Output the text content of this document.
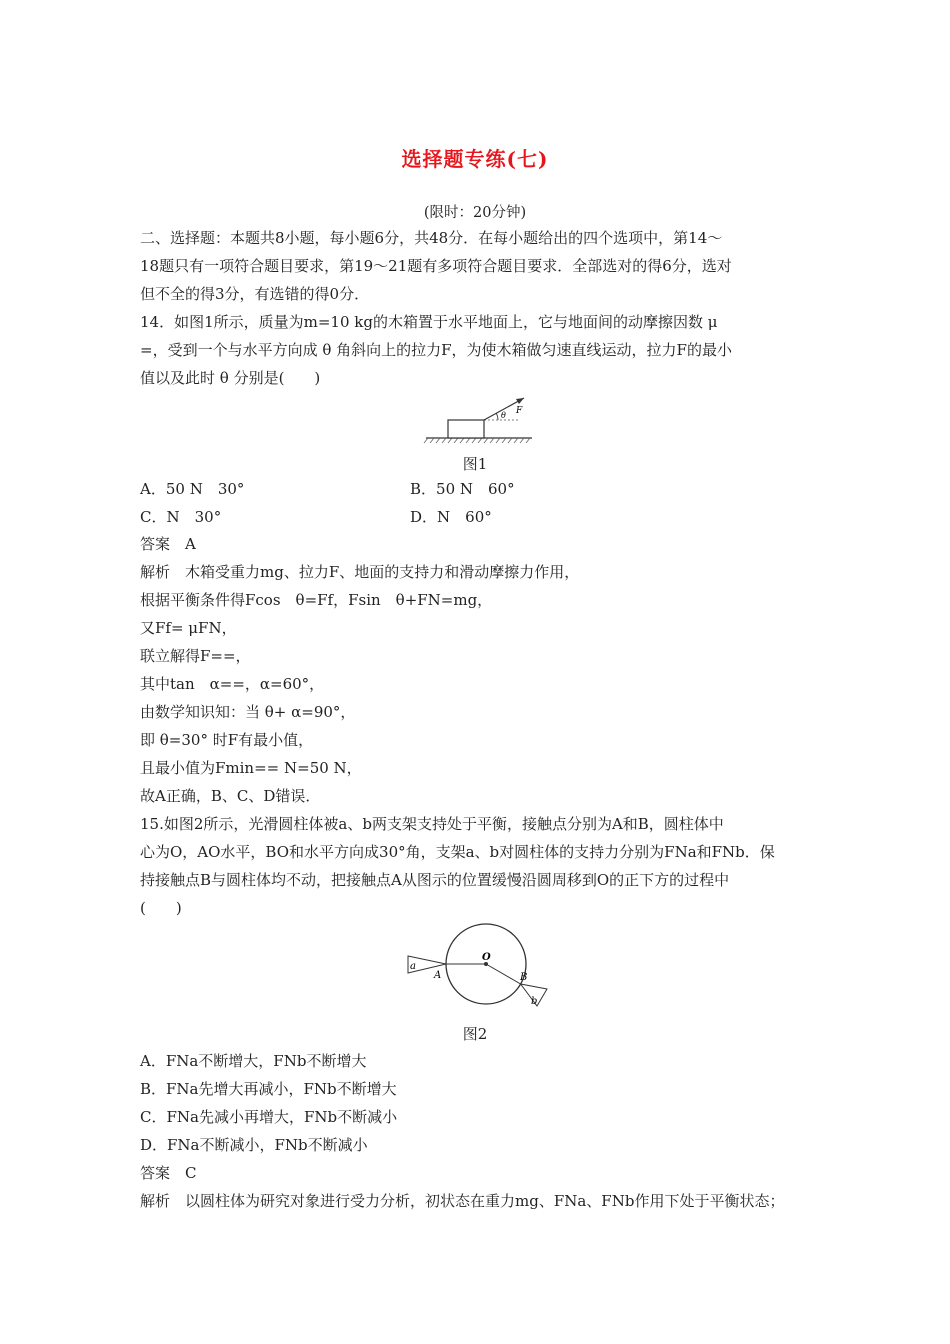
选择题专练(七)
(限时：20分钟)
二、选择题：本题共8小题，每小题6分，共48分．在每小题给出的四个选项中，第14～
18题只有一项符合题目要求，第19～21题有多项符合题目要求．全部选对的得6分，选对
但不全的得3分，有选错的得0分．
14．如图1所示，质量为m=10 kg的木箱置于水平地面上，它与地面间的动摩擦因数 μ
=，受到一个与水平方向成 θ 角斜向上的拉力F，为使木箱做匀速直线运动，拉力F的最小
值以及此时 θ 分别是(　　)
θ F
图1
A．50 N　30°	B．50 N　60°
C．N　30°	D．N　60°
答案　A
解析　木箱受重力mg、拉力F、地面的支持力和滑动摩擦力作用，
根据平衡条件得Fcos　θ=Ff，Fsin　θ+FN=mg，
又Ff= μFN，
联立解得F==，
其中tan　α==，α=60°，
由数学知识知：当 θ+ α=90°，
即 θ=30° 时F有最小值，
且最小值为Fmin== N=50 N，
故A正确，B、C、D错误．
15.如图2所示，光滑圆柱体被a、b两支架支持处于平衡，接触点分别为A和B，圆柱体中
心为O，AO水平，BO和水平方向成30°角，支架a、b对圆柱体的支持力分别为FNa和FNb．保
持接触点B与圆柱体均不动，把接触点A从图示的位置缓慢沿圆周移到O的正下方的过程中
(　　)
a
A
O
B
b
图2
A．FNa不断增大，FNb不断增大
B．FNa先增大再减小，FNb不断增大
C．FNa先减小再增大，FNb不断减小
D．FNa不断减小，FNb不断减小
答案　C
解析　以圆柱体为研究对象进行受力分析，初状态在重力mg、FNa、FNb作用下处于平衡状态；
